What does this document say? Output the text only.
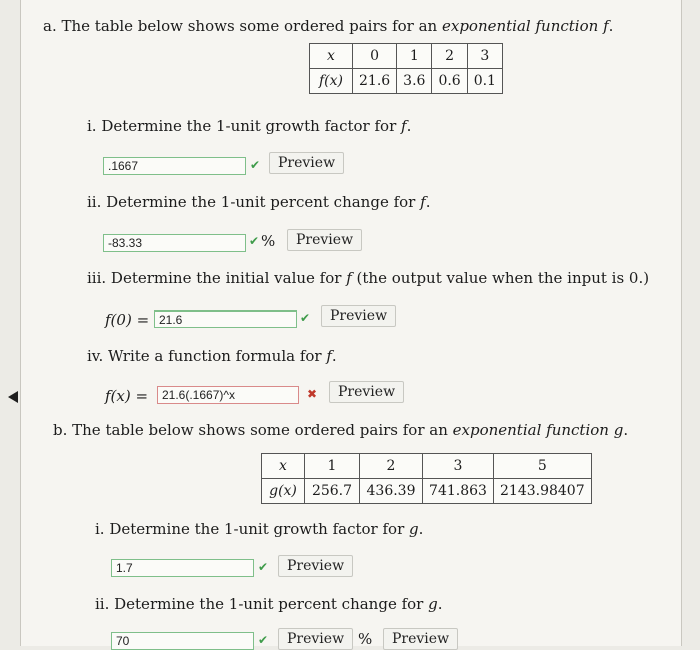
a. The table below shows some ordered pairs for an exponential function f.
x	0	1	2	3
f(x)	21.6	3.6	0.6	0.1
i. Determine the 1-unit growth factor for f.
.1667	✔	Preview
ii. Determine the 1-unit percent change for f.
-83.33	✔ %	Preview
iii. Determine the initial value for f (the output value when the input is 0.)
f(0) = 21.6	✔	Preview
iv. Write a function formula for f.
f(x) =	21.6(.1667)^x	✖	Preview
b. The table below shows some ordered pairs for an exponential function g.
x	1	2	3	5
g(x)	256.7	436.39	741.863	2143.98407
i. Determine the 1-unit growth factor for g.
1.7	✔	Preview
ii. Determine the 1-unit percent change for g.
70	✔	Preview %	Preview
